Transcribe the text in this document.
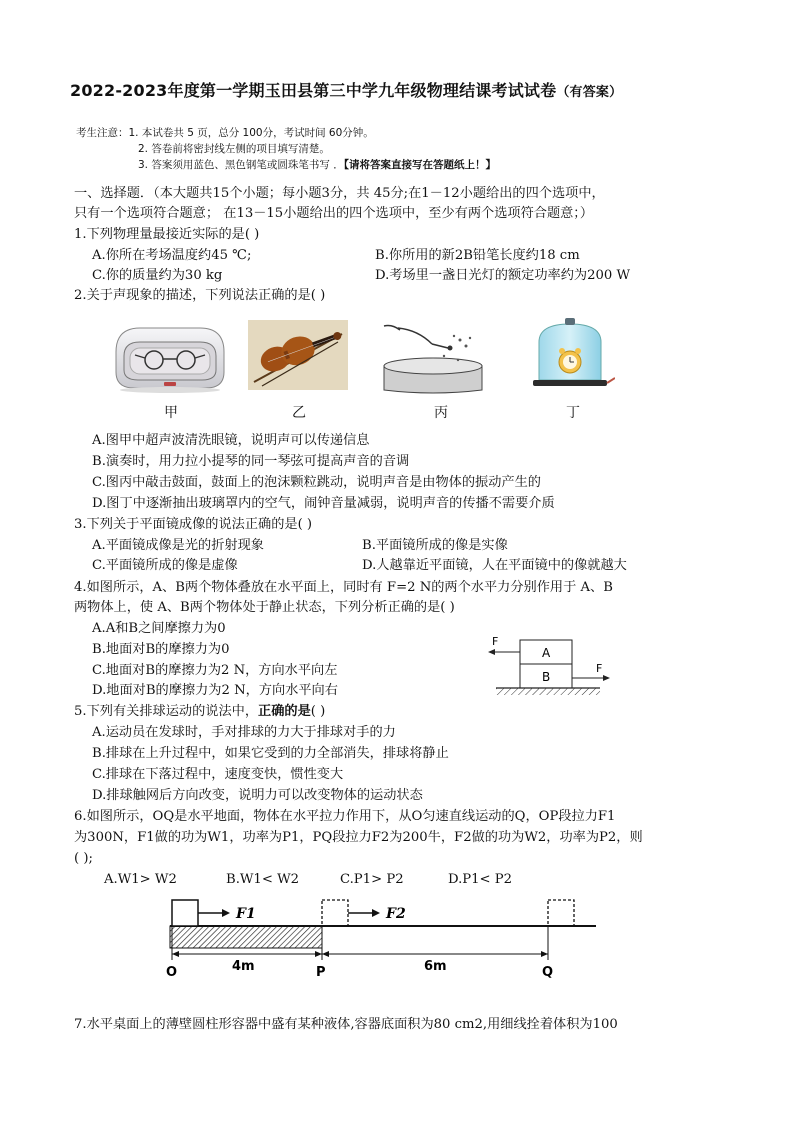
2022-2023年度第一学期玉田县第三中学九年级物理结课考试试卷（有答案）
考生注意：1. 本试卷共 5 页，总分 100分，考试时间 60分钟。
2. 答卷前将密封线左侧的项目填写清楚。
3. 答案须用蓝色、黑色钢笔或圆珠笔书写 ．【请将答案直接写在答题纸上！】
一、选择题．（本大题共15个小题；每小题3分，共 45分;在1－12小题给出的四个选项中，
只有一个选项符合题意； 在13－15小题给出的四个选项中，至少有两个选项符合题意；）
1.下列物理量最接近实际的是( )
A.你所在考场温度约45 ℃;	B.你所用的新2B铅笔长度约18 cm
C.你的质量约为30 kg	D.考场里一盏日光灯的额定功率约为200 W
2.关于声现象的描述，下列说法正确的是( )
甲	乙	丙	丁
A.图甲中超声波清洗眼镜，说明声可以传递信息
B.演奏时，用力拉小提琴的同一琴弦可提高声音的音调
C.图丙中敲击鼓面，鼓面上的泡沫颗粒跳动，说明声音是由物体的振动产生的
D.图丁中逐渐抽出玻璃罩内的空气，闹钟音量减弱，说明声音的传播不需要介质
3.下列关于平面镜成像的说法正确的是( )
A.平面镜成像是光的折射现象	B.平面镜所成的像是实像
C.平面镜所成的像是虚像	D.人越靠近平面镜，人在平面镜中的像就越大
4.如图所示，A、B两个物体叠放在水平面上，同时有 F=2 N的两个水平力分别作用于 A、B
两物体上，使 A、B两个物体处于静止状态，下列分析正确的是( )
A.A和B之间摩擦力为0
B.地面对B的摩擦力为0
C.地面对B的摩擦力为2 N，方向水平向左
D.地面对B的摩擦力为2 N，方向水平向右
F
F
A
B
5.下列有关排球运动的说法中，正确的是( )
A.运动员在发球时，手对排球的力大于排球对手的力
B.排球在上升过程中，如果它受到的力全部消失，排球将静止
C.排球在下落过程中，速度变快，惯性变大
D.排球触网后方向改变，说明力可以改变物体的运动状态
6.如图所示，OQ是水平地面，物体在水平拉力作用下，从O匀速直线运动的Q，OP段拉力F1
为300N，F1做的功为W1，功率为P1，PQ段拉力F2为200牛，F2做的功为W2，功率为P2，则
( );
A.W1> W2	B.W1< W2	C.P1> P2	D.P1< P2
F1	F2
4m	6m
O	P	Q
7.水平桌面上的薄壁圆柱形容器中盛有某种液体,容器底面积为80 cm2,用细线拴着体积为100
